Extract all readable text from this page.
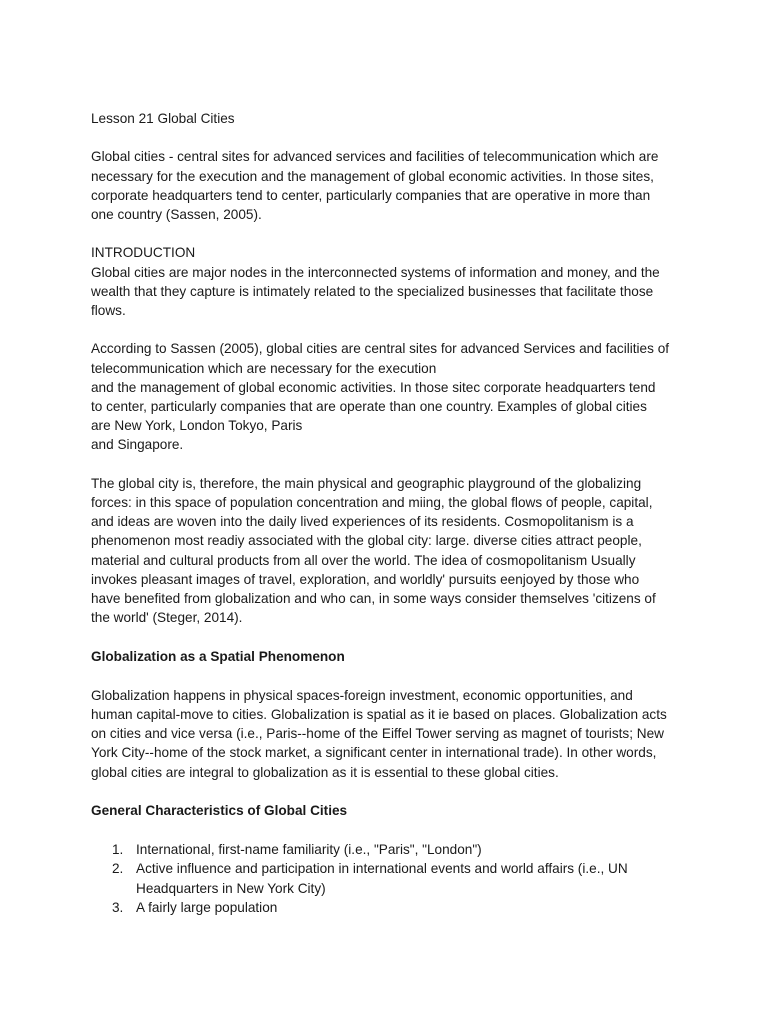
Lesson 21 Global Cities

Global cities - central sites for advanced services and facilities of telecommunication which are
necessary for the execution and the management of global economic activities. In those sites,
corporate headquarters tend to center, particularly companies that are operative in more than
one country (Sassen, 2005).

INTRODUCTION
Global cities are major nodes in the interconnected systems of information and money, and the
wealth that they capture is intimately related to the specialized businesses that facilitate those
flows.

According to Sassen (2005), global cities are central sites for advanced Services and facilities of
telecommunication which are necessary for the execution
and the management of global economic activities. In those sitec corporate headquarters tend
to center, particularly companies that are operate than one country. Examples of global cities
are New York, London Tokyo, Paris
and Singapore.

The global city is, therefore, the main physical and geographic playground of the globalizing
forces: in this space of population concentration and miing, the global flows of people, capital,
and ideas are woven into the daily lived experiences of its residents. Cosmopolitanism is a
phenomenon most readiy associated with the global city: large. diverse cities attract people,
material and cultural products from all over the world. The idea of cosmopolitanism Usually
invokes pleasant images of travel, exploration, and worldly' pursuits eenjoyed by those who
have benefited from globalization and who can, in some ways consider themselves 'citizens of
the world' (Steger, 2014).

Globalization as a Spatial Phenomenon

Globalization happens in physical spaces-foreign investment, economic opportunities, and
human capital-move to cities. Globalization is spatial as it ie based on places. Globalization acts
on cities and vice versa (i.e., Paris--home of the Eiffel Tower serving as magnet of tourists; New
York City--home of the stock market, a significant center in international trade). In other words,
global cities are integral to globalization as it is essential to these global cities.

General Characteristics of Global Cities

1. International, first-name familiarity (i.e., "Paris", "London")
2. Active influence and participation in international events and world affairs (i.e., UN
Headquarters in New York City)
3. A fairly large population
